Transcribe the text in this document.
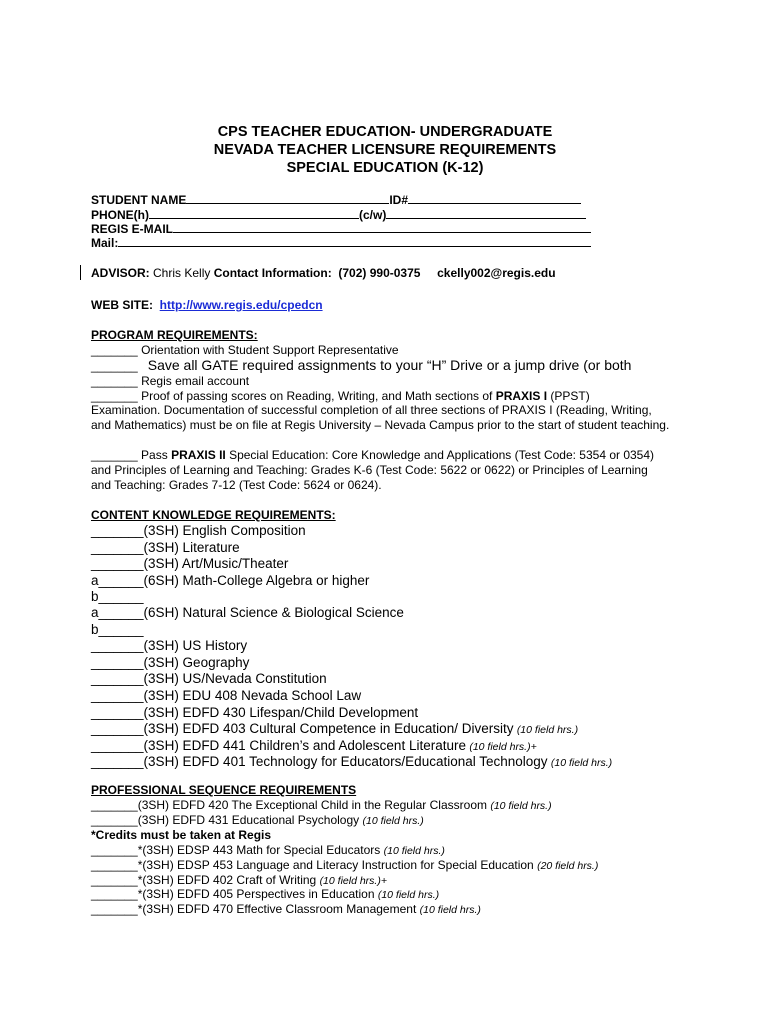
CPS TEACHER EDUCATION- UNDERGRADUATE
NEVADA TEACHER LICENSURE REQUIREMENTS
SPECIAL EDUCATION (K-12)
STUDENT NAME	ID#
PHONE(h)	(c/w)
REGIS E-MAIL
Mail:
ADVISOR: Chris Kelly Contact Information: (702) 990-0375 ckelly002@regis.edu
WEB SITE: http://www.regis.edu/cpedcn
PROGRAM REQUIREMENTS:
_______ Orientation with Student Support Representative
_______ Save all GATE required assignments to your “H” Drive or a jump drive (or both
_______ Regis email account
_______ Proof of passing scores on Reading, Writing, and Math sections of PRAXIS I (PPST)
Examination. Documentation of successful completion of all three sections of PRAXIS I (Reading, Writing, and Mathematics) must be on file at Regis University – Nevada Campus prior to the start of student teaching.
_______ Pass PRAXIS II Special Education: Core Knowledge and Applications (Test Code: 5354 or 0354) and Principles of Learning and Teaching: Grades K-6 (Test Code: 5622 or 0622) or Principles of Learning and Teaching: Grades 7-12 (Test Code: 5624 or 0624).
CONTENT KNOWLEDGE REQUIREMENTS:
_______(3SH) English Composition
_______(3SH) Literature
_______(3SH) Art/Music/Theater
a______(6SH) Math-College Algebra or higher
b______
a______(6SH) Natural Science & Biological Science
b______
_______(3SH) US History
_______(3SH) Geography
_______(3SH) US/Nevada Constitution
_______(3SH) EDU 408 Nevada School Law
_______(3SH) EDFD 430 Lifespan/Child Development
_______(3SH) EDFD 403 Cultural Competence in Education/ Diversity (10 field hrs.)
_______(3SH) EDFD 441 Children’s and Adolescent Literature (10 field hrs.)+
_______(3SH) EDFD 401 Technology for Educators/Educational Technology (10 field hrs.)
PROFESSIONAL SEQUENCE REQUIREMENTS
_______(3SH) EDFD 420 The Exceptional Child in the Regular Classroom (10 field hrs.)
_______(3SH) EDFD 431 Educational Psychology (10 field hrs.)
*Credits must be taken at Regis
_______*(3SH) EDSP 443 Math for Special Educators (10 field hrs.)
_______*(3SH) EDSP 453 Language and Literacy Instruction for Special Education (20 field hrs.)
_______*(3SH) EDFD 402 Craft of Writing (10 field hrs.)+
_______*(3SH) EDFD 405 Perspectives in Education (10 field hrs.)
_______*(3SH) EDFD 470 Effective Classroom Management (10 field hrs.)
